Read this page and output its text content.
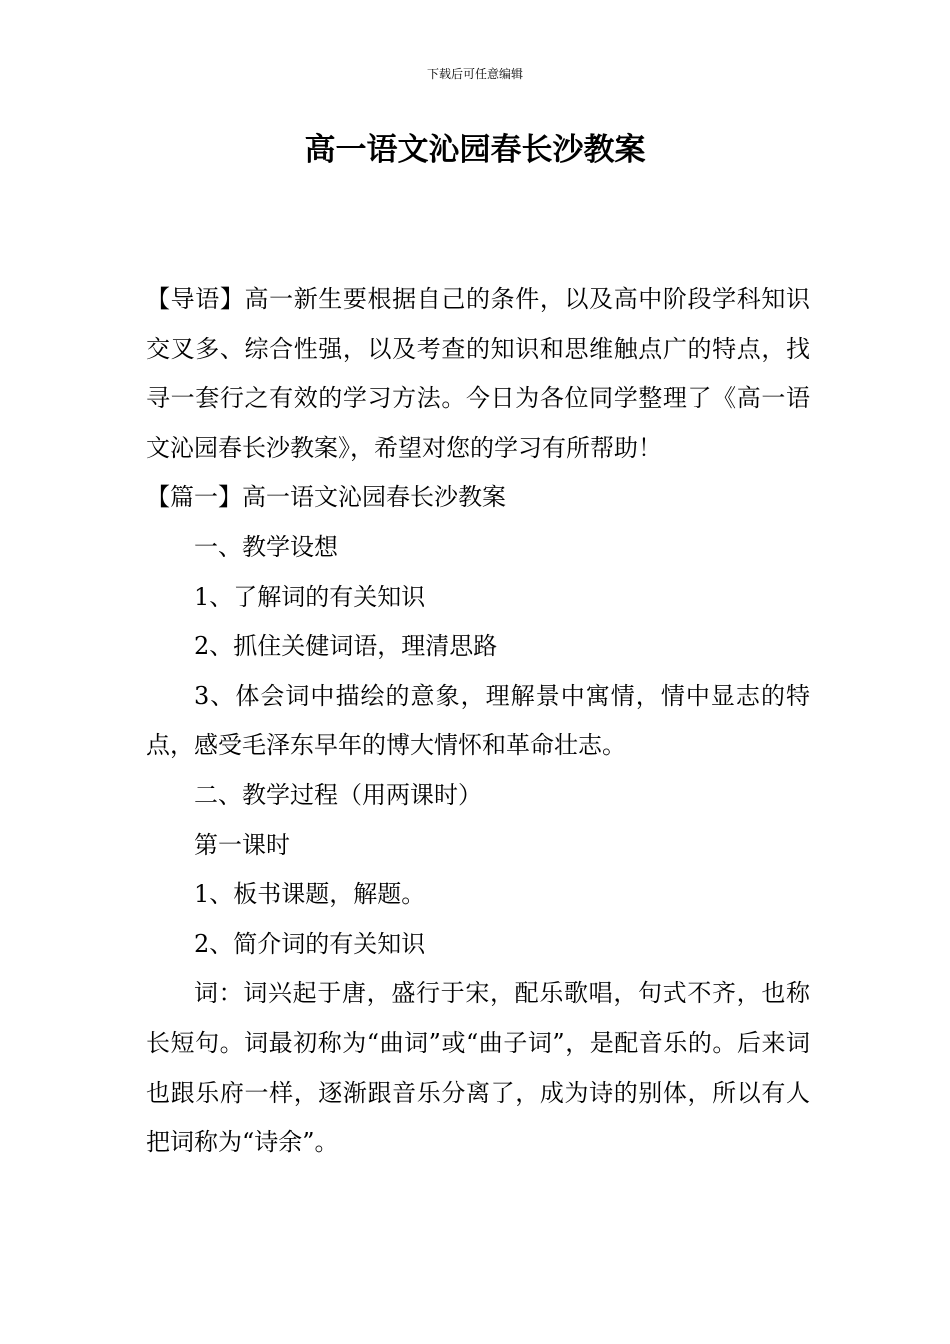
下载后可任意编辑
高一语文沁园春长沙教案

【导语】高一新生要根据自己的条件，以及高中阶段学科知识交叉多、综合性强，以及考查的知识和思维触点广的特点，找寻一套行之有效的学习方法。今日为各位同学整理了《高一语文沁园春长沙教案》，希望对您的学习有所帮助！

【篇一】高一语文沁园春长沙教案

一、教学设想

1、了解词的有关知识

2、抓住关健词语，理清思路

3、体会词中描绘的意象，理解景中寓情，情中显志的特点，感受毛泽东早年的博大情怀和革命壮志。

二、教学过程（用两课时）

第一课时

1、板书课题，解题。

2、简介词的有关知识

词：词兴起于唐，盛行于宋，配乐歌唱，句式不齐，也称长短句。词最初称为“曲词”或“曲子词”，是配音乐的。后来词也跟乐府一样，逐渐跟音乐分离了，成为诗的别体，所以有人把词称为“诗余”。
